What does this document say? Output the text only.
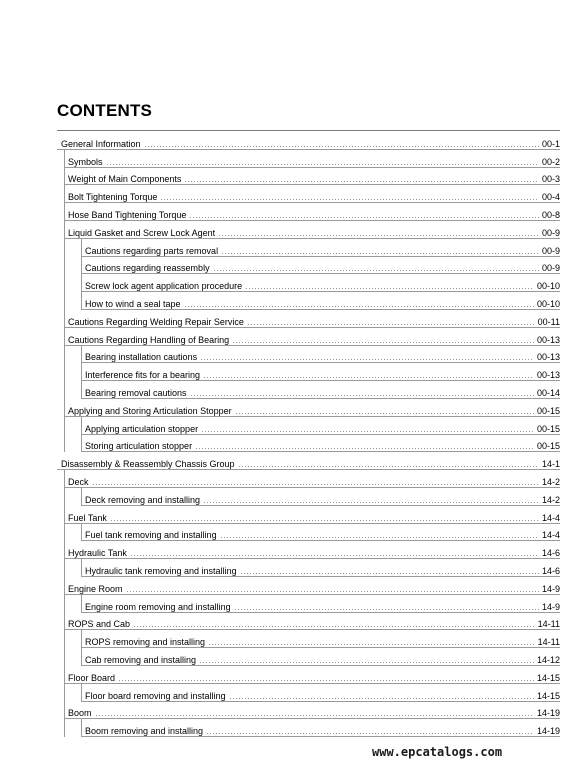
CONTENTS
General Information	00-1
Symbols	00-2
Weight of Main Components	00-3
Bolt Tightening Torque	00-4
Hose Band Tightening Torque	00-8
Liquid Gasket and Screw Lock Agent	00-9
Cautions regarding parts removal	00-9
Cautions regarding reassembly	00-9
Screw lock agent application procedure	00-10
How to wind a seal tape	00-10
Cautions Regarding Welding Repair Service	00-11
Cautions Regarding Handling of Bearing	00-13
Bearing installation cautions	00-13
Interference fits for a bearing	00-13
Bearing removal cautions	00-14
Applying and Storing Articulation Stopper	00-15
Applying articulation stopper	00-15
Storing articulation stopper	00-15
Disassembly & Reassembly Chassis Group	14-1
Deck	14-2
Deck removing and installing	14-2
Fuel Tank	14-4
Fuel tank removing and installing	14-4
Hydraulic Tank	14-6
Hydraulic tank removing and installing	14-6
Engine Room	14-9
Engine room removing and installing	14-9
ROPS and Cab	14-11
ROPS removing and installing	14-11
Cab removing and installing	14-12
Floor Board	14-15
Floor board removing and installing	14-15
Boom	14-19
Boom removing and installing	14-19
www.epcatalogs.com
